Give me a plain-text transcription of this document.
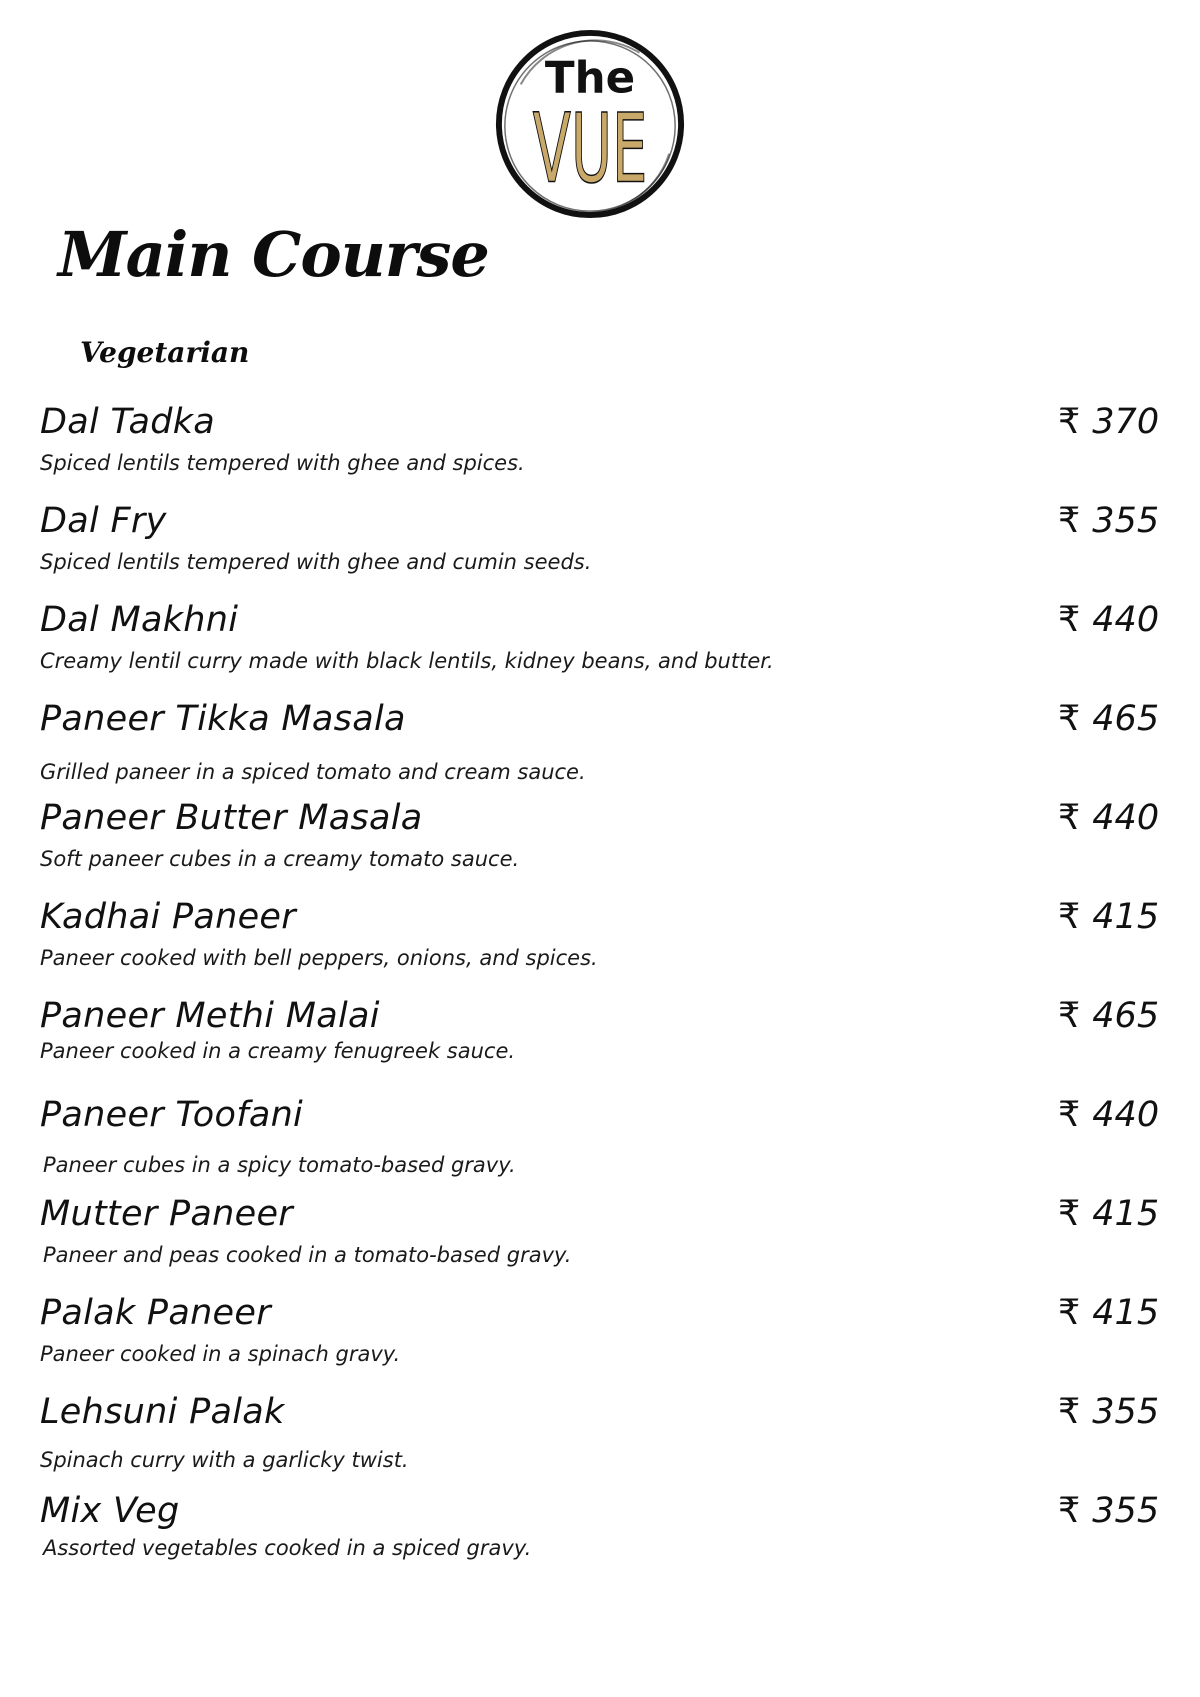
The
VUE
Main Course
Vegetarian
Dal Tadka
Spiced lentils tempered with ghee and spices.
₹ 370
Dal Fry
Spiced lentils tempered with ghee and cumin seeds.
₹ 355
Dal Makhni
Creamy lentil curry made with black lentils, kidney beans, and butter.
₹ 440
Paneer Tikka Masala
Grilled paneer in a spiced tomato and cream sauce.
₹ 465
Paneer Butter Masala
Soft paneer cubes in a creamy tomato sauce.
₹ 440
Kadhai Paneer
Paneer cooked with bell peppers, onions, and spices.
₹ 415
Paneer Methi Malai
Paneer cooked in a creamy fenugreek sauce.
₹ 465
Paneer Toofani
Paneer cubes in a spicy tomato-based gravy.
₹ 440
Mutter Paneer
Paneer and peas cooked in a tomato-based gravy.
₹ 415
Palak Paneer
Paneer cooked in a spinach gravy.
₹ 415
Lehsuni Palak
Spinach curry with a garlicky twist.
₹ 355
Mix Veg
Assorted vegetables cooked in a spiced gravy.
₹ 355
